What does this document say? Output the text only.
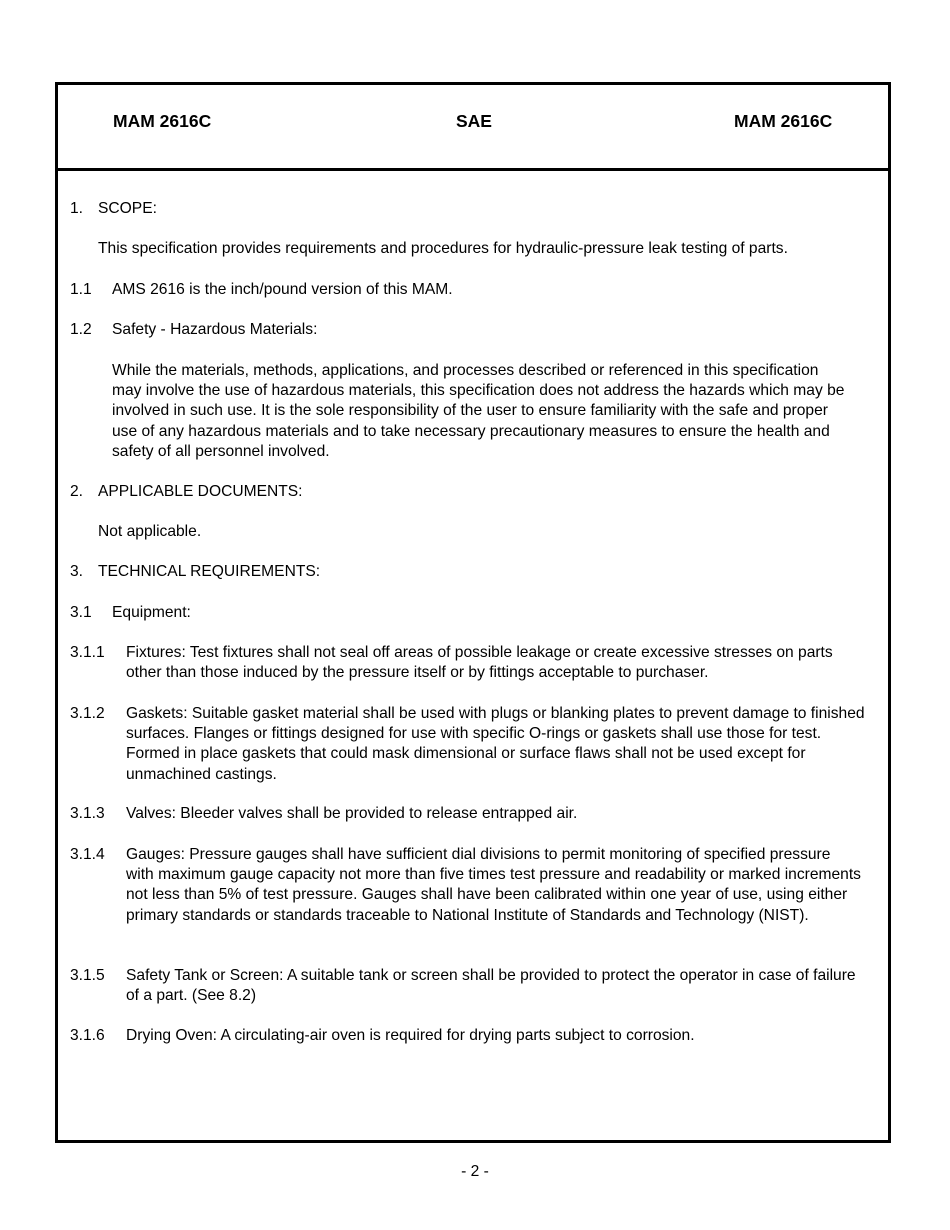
MAM 2616C	SAE	MAM 2616C
1. SCOPE:

This specification provides requirements and procedures for hydraulic-pressure leak testing of parts.

1.1 AMS 2616 is the inch/pound version of this MAM.

1.2 Safety - Hazardous Materials:

While the materials, methods, applications, and processes described or referenced in this specification may involve the use of hazardous materials, this specification does not address the hazards which may be involved in such use. It is the sole responsibility of the user to ensure familiarity with the safe and proper use of any hazardous materials and to take necessary precautionary measures to ensure the health and safety of all personnel involved.

2. APPLICABLE DOCUMENTS:

Not applicable.

3. TECHNICAL REQUIREMENTS:

3.1 Equipment:

3.1.1 Fixtures: Test fixtures shall not seal off areas of possible leakage or create excessive stresses on parts other than those induced by the pressure itself or by fittings acceptable to purchaser.

3.1.2 Gaskets: Suitable gasket material shall be used with plugs or blanking plates to prevent damage to finished surfaces. Flanges or fittings designed for use with specific O-rings or gaskets shall use those for test. Formed in place gaskets that could mask dimensional or surface flaws shall not be used except for unmachined castings.

3.1.3 Valves: Bleeder valves shall be provided to release entrapped air.

3.1.4 Gauges: Pressure gauges shall have sufficient dial divisions to permit monitoring of specified pressure with maximum gauge capacity not more than five times test pressure and readability or marked increments not less than 5% of test pressure. Gauges shall have been calibrated within one year of use, using either primary standards or standards traceable to National Institute of Standards and Technology (NIST).

3.1.5 Safety Tank or Screen: A suitable tank or screen shall be provided to protect the operator in case of failure of a part. (See 8.2)

3.1.6 Drying Oven: A circulating-air oven is required for drying parts subject to corrosion.

- 2 -
